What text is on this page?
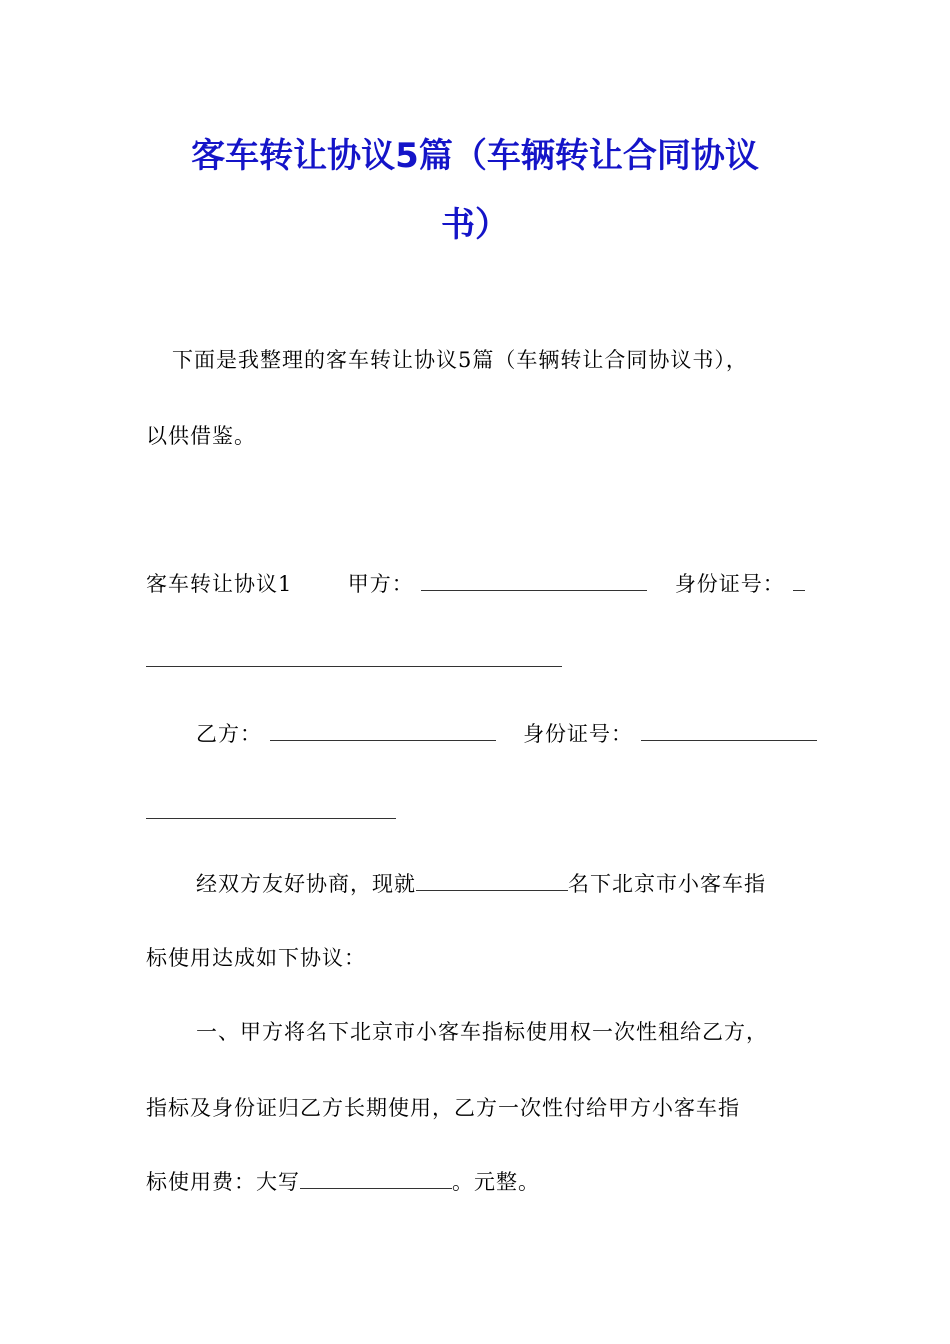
客车转让协议5篇（车辆转让合同协议
书）
下面是我整理的客车转让协议5篇（车辆转让合同协议书），
以供借鉴。
客车转让协议1	甲方：	身份证号：
乙方：	身份证号：
经双方友好协商，现就	名下北京市小客车指
标使用达成如下协议：
一、甲方将名下北京市小客车指标使用权一次性租给乙方，
指标及身份证归乙方长期使用，乙方一次性付给甲方小客车指
标使用费：大写	。元整。
